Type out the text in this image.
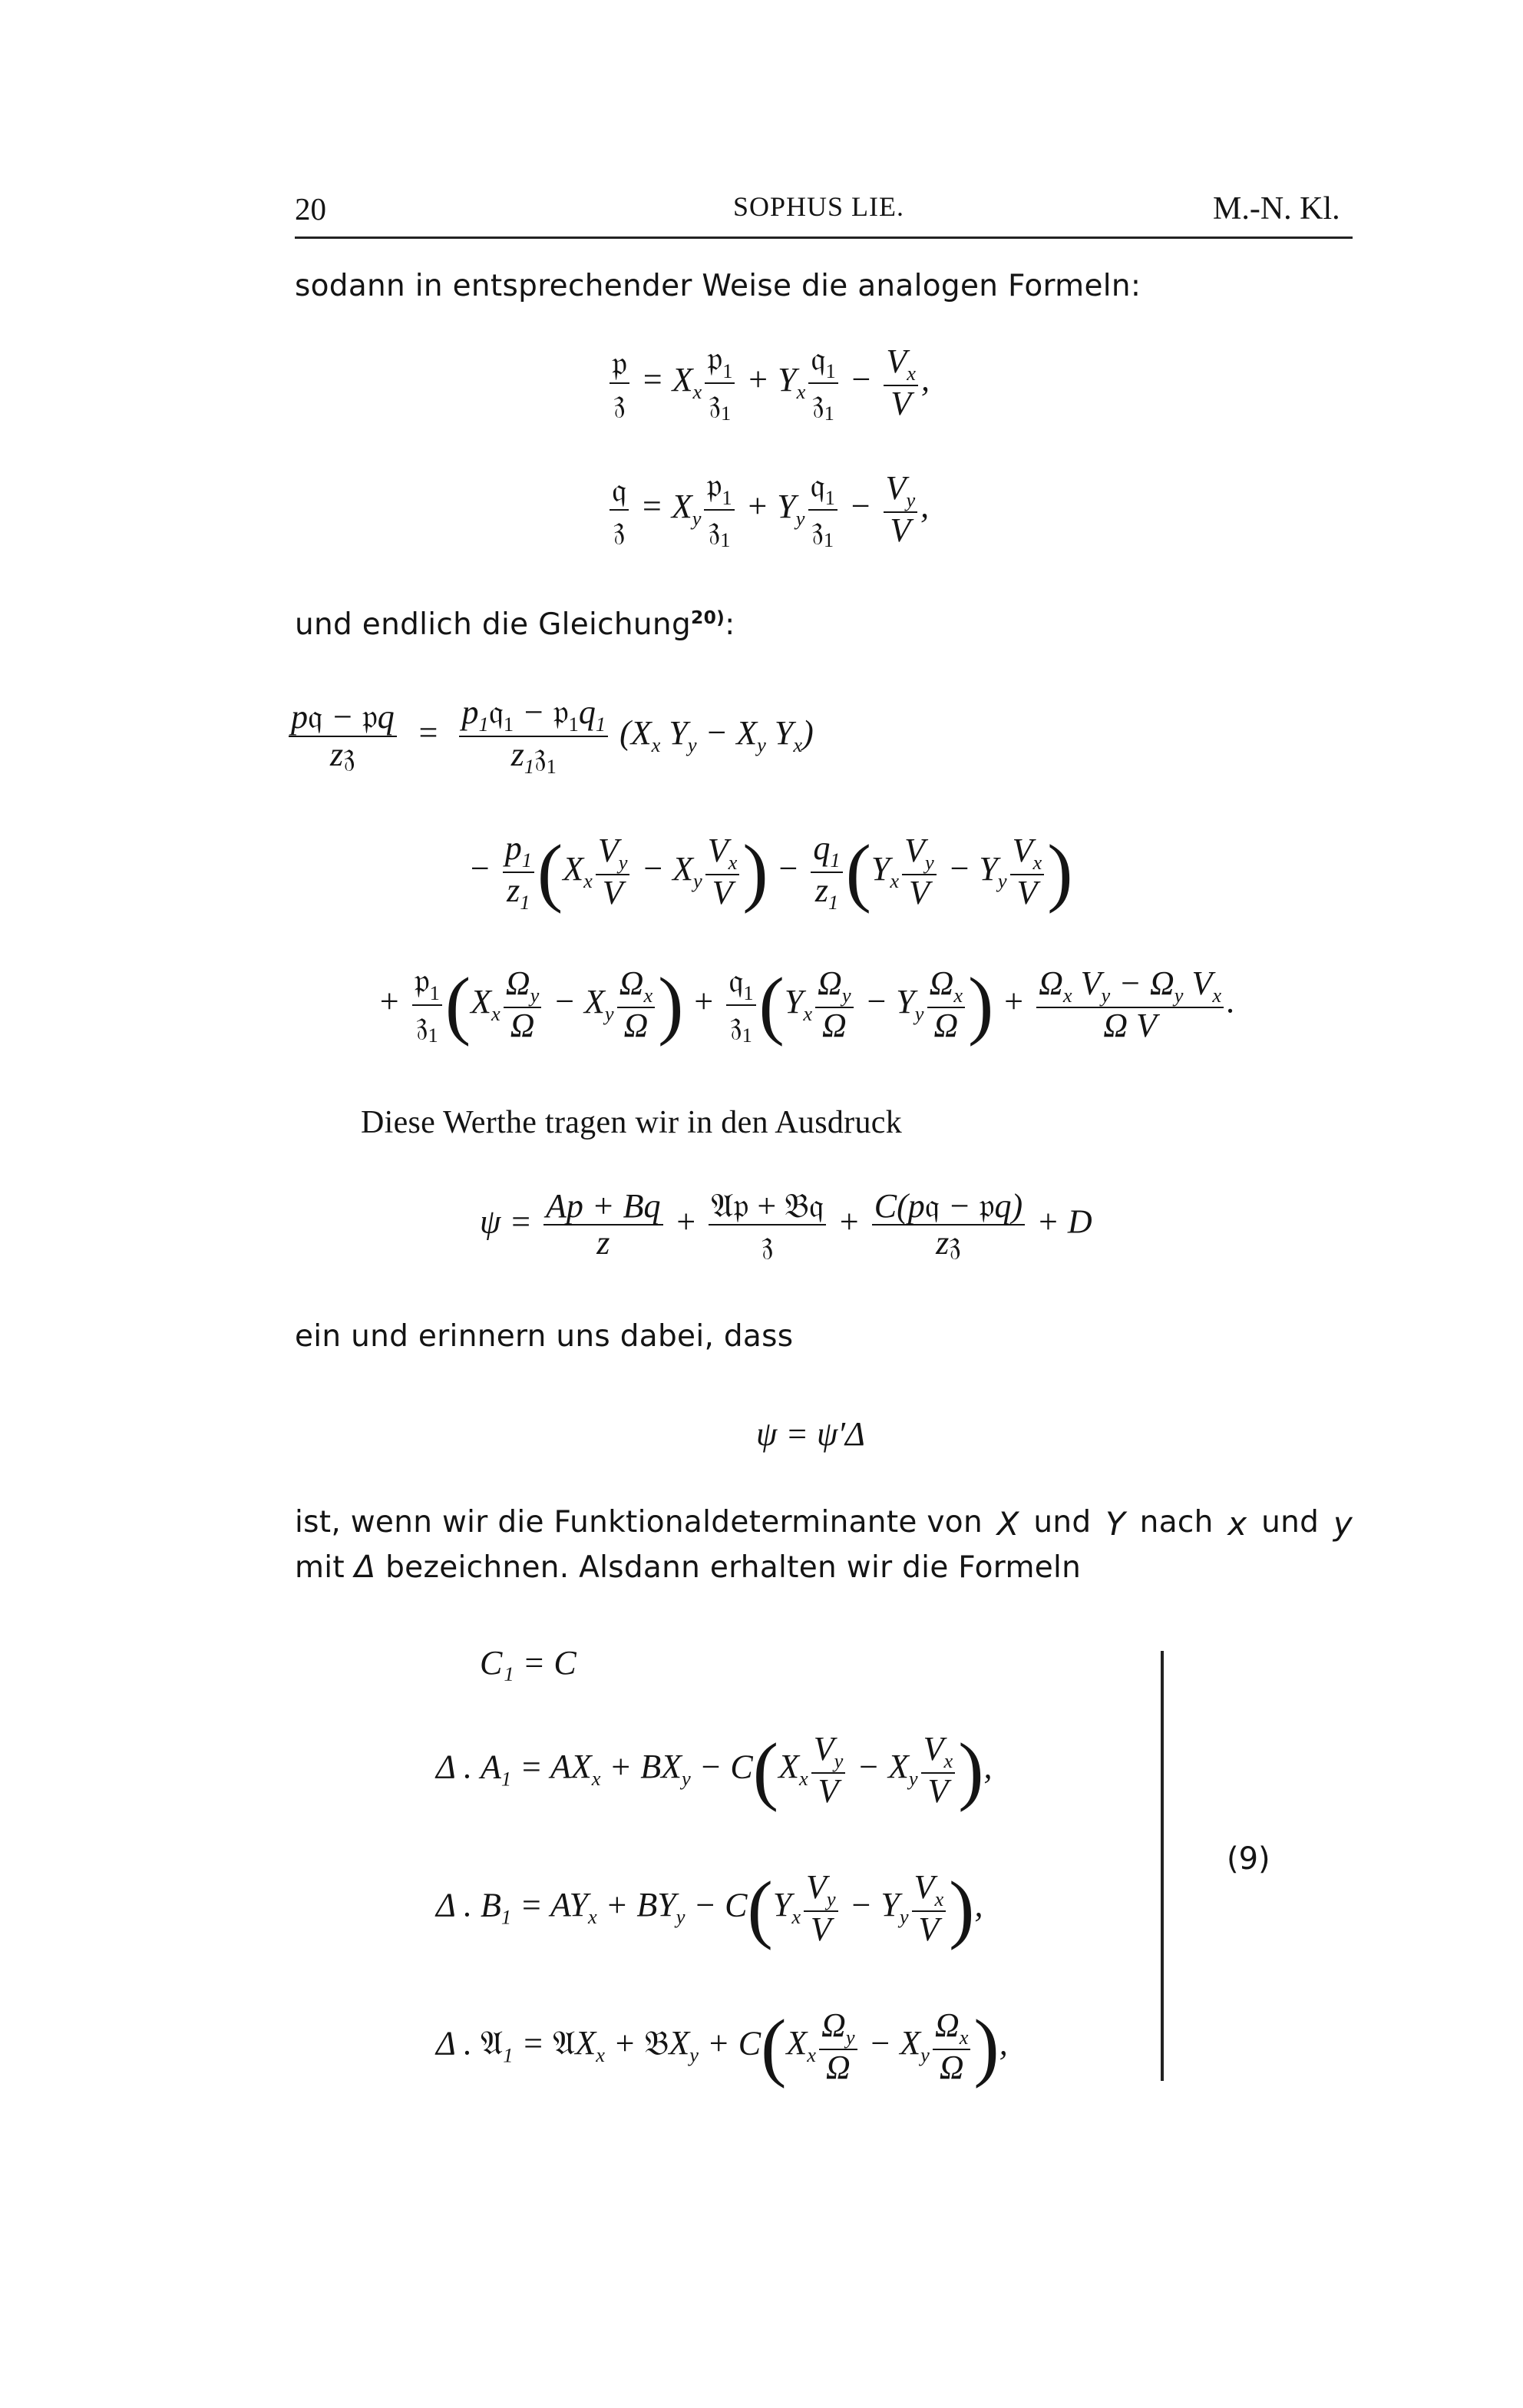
20	SOPHUS LIE.	M.-N. Kl.
sodann in entsprechender Weise die analogen Formeln:
$\frac{\text{𝔭}}{\text{𝔷}} = X_x \frac{𝔭_1}{𝔷_1} + Y_x \frac{𝔮_1}{𝔷_1} - \frac{V_x}{V}$ ,
$\frac{\text{𝔮}}{\text{𝔷}} = X_y \frac{𝔭_1}{𝔷_1} + Y_y \frac{𝔮_1}{𝔷_1} - \frac{V_y}{V}$ ,
und endlich die Gleichung$^{20)}$:
$\frac{\text{p𝔮 − 𝔭q}}{\text{z𝔷}} = \frac{p_1𝔮_1 - 𝔭_1q_1}{z_1𝔷_1} (X_x$ $Y_y - X_y$ $Y_x$)
− $\frac{p_1}{z_1} (X_x \frac{V_y}{V} - X_y \frac{V_x}{V}$ ) − $\frac{q_1}{z_1} (Y_x \frac{V_y}{V} - Y_y \frac{V_x}{V}$ )
+ $\frac{𝔭_1}{𝔷_1} (X_x \frac{\Omega_y}{\Omega} - X_y \frac{\Omega_x}{\Omega}$ ) + $\frac{𝔮_1}{𝔷_1} (Y_x \frac{\Omega_y}{\Omega} - Y_y \frac{\Omega_x}{\Omega}$ ) + $\frac{\Omega_x V_y - \Omega_y V_x}{\text{Ω V}}$ .
Diese Werthe tragen wir in den Ausdruck
$\psi = \frac{Ap + Bq}{z} + \frac{\text{𝔄𝔭 + 𝔅𝔮}}{\text{𝔷}} + \frac{\text{C(p𝔮 − 𝔭q)}}{\text{z𝔷}} + D$
ein und erinnern uns dabei, dass
ψ = ψ′Δ
ist, wenn wir die Funktionaldeterminante von X und Y nach x und y
mit Δ bezeichnen. Alsdann erhalten wir die Formeln
C₁ = C
Δ . $A_1 = AX_x + BX_y - C(X_x \frac{V_y}{V} - X_y \frac{V_x}{V}$ ),
Δ . $B_1 = AY_x + BY_y - C(Y_x \frac{V_y}{V} - Y_y \frac{V_x}{V}$ ),
Δ . 𝔄$_1$ = 𝔄X$_x$ + 𝔅X$_y$ + $C(X_x \frac{\Omega_y}{\Omega} - X_y \frac{\Omega_x}{\Omega}$ ),
(9)
